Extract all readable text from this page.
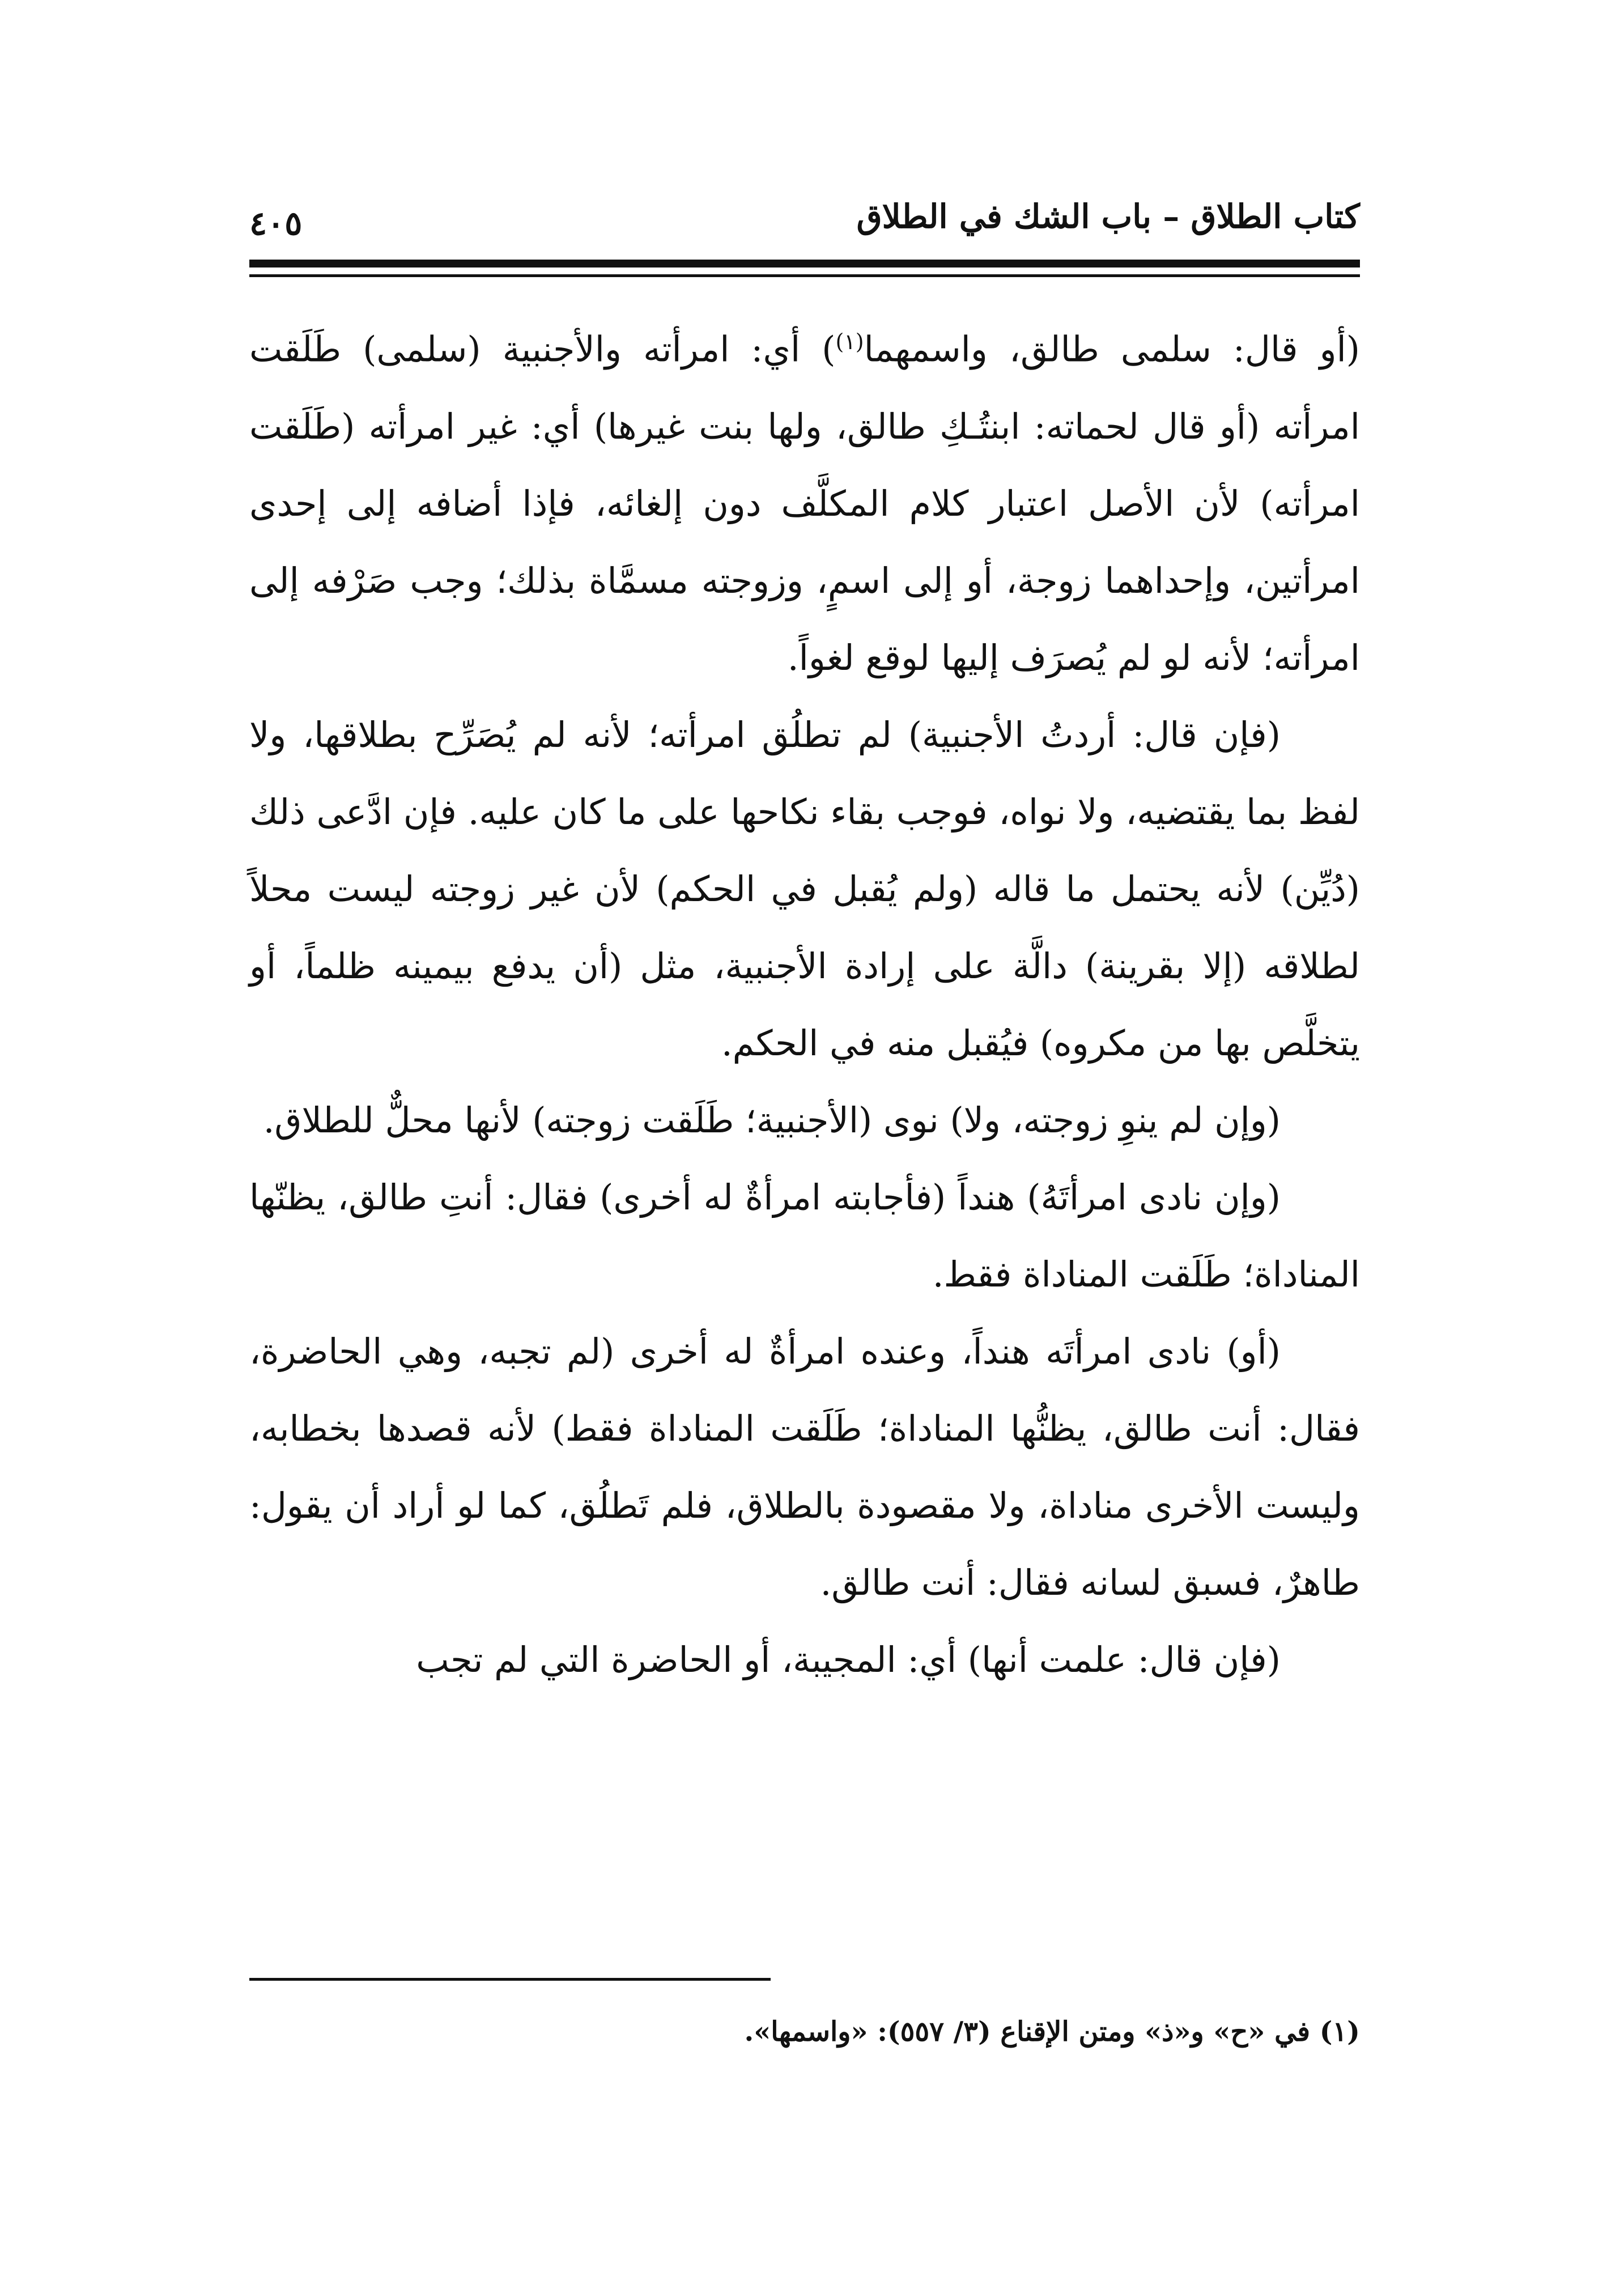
كتاب الطلاق – باب الشك في الطلاق
٤٠٥

(أو قال: سلمى طالق، واسمهما$^{(١)}$) أي: امرأته والأجنبية (سلمى) طَلَقت امرأته (أو قال لحماته: ابنتُـكِ طالق، ولها بنت غيرها) أي: غير امرأته (طَلَقت امرأته) لأن الأصل اعتبار كلام المكلَّف دون إلغائه، فإذا أضافه إلى إحدى امرأتين، وإحداهما زوجة، أو إلى اسمٍ، وزوجته مسمَّاة بذلك؛ وجب صَرْفه إلى امرأته؛ لأنه لو لم يُصرَف إليها لوقع لغواً.

(فإن قال: أردتُ الأجنبية) لم تطلُق امرأته؛ لأنه لم يُصَرِّح بطلاقها، ولا لفظ بما يقتضيه، ولا نواه، فوجب بقاء نكاحها على ما كان عليه. فإن ادَّعى ذلك (دُيِّن) لأنه يحتمل ما قاله (ولم يُقبل في الحكم) لأن غير زوجته ليست محلاً لطلاقه (إلا بقرينة) دالَّة على إرادة الأجنبية، مثل (أن يدفع بيمينه ظلماً، أو يتخلَّص بها من مكروه) فيُقبل منه في الحكم.

(وإن لم ينوِ زوجته، ولا) نوى (الأجنبية؛ طَلَقت زوجته) لأنها محلٌّ للطلاق.

(وإن نادى امرأتَهُ) هنداً (فأجابته امرأةٌ له أخرى) فقال: أنتِ طالق، يظنّها المناداة؛ طَلَقت المناداة فقط.

(أو) نادى امرأتَه هنداً، وعنده امرأةٌ له أخرى (لم تجبه، وهي الحاضرة، فقال: أنت طالق، يظنُّها المناداة؛ طَلَقت المناداة فقط) لأنه قصدها بخطابه، وليست الأخرى مناداة، ولا مقصودة بالطلاق، فلم تَطلُق، كما لو أراد أن يقول: طاهرٌ، فسبق لسانه فقال: أنت طالق.

(فإن قال: علمت أنها) أي: المجيبة، أو الحاضرة التي لم تجب

(١) في «ح» و«ذ» ومتن الإقناع (٣/ ٥٥٧): «واسمها».
